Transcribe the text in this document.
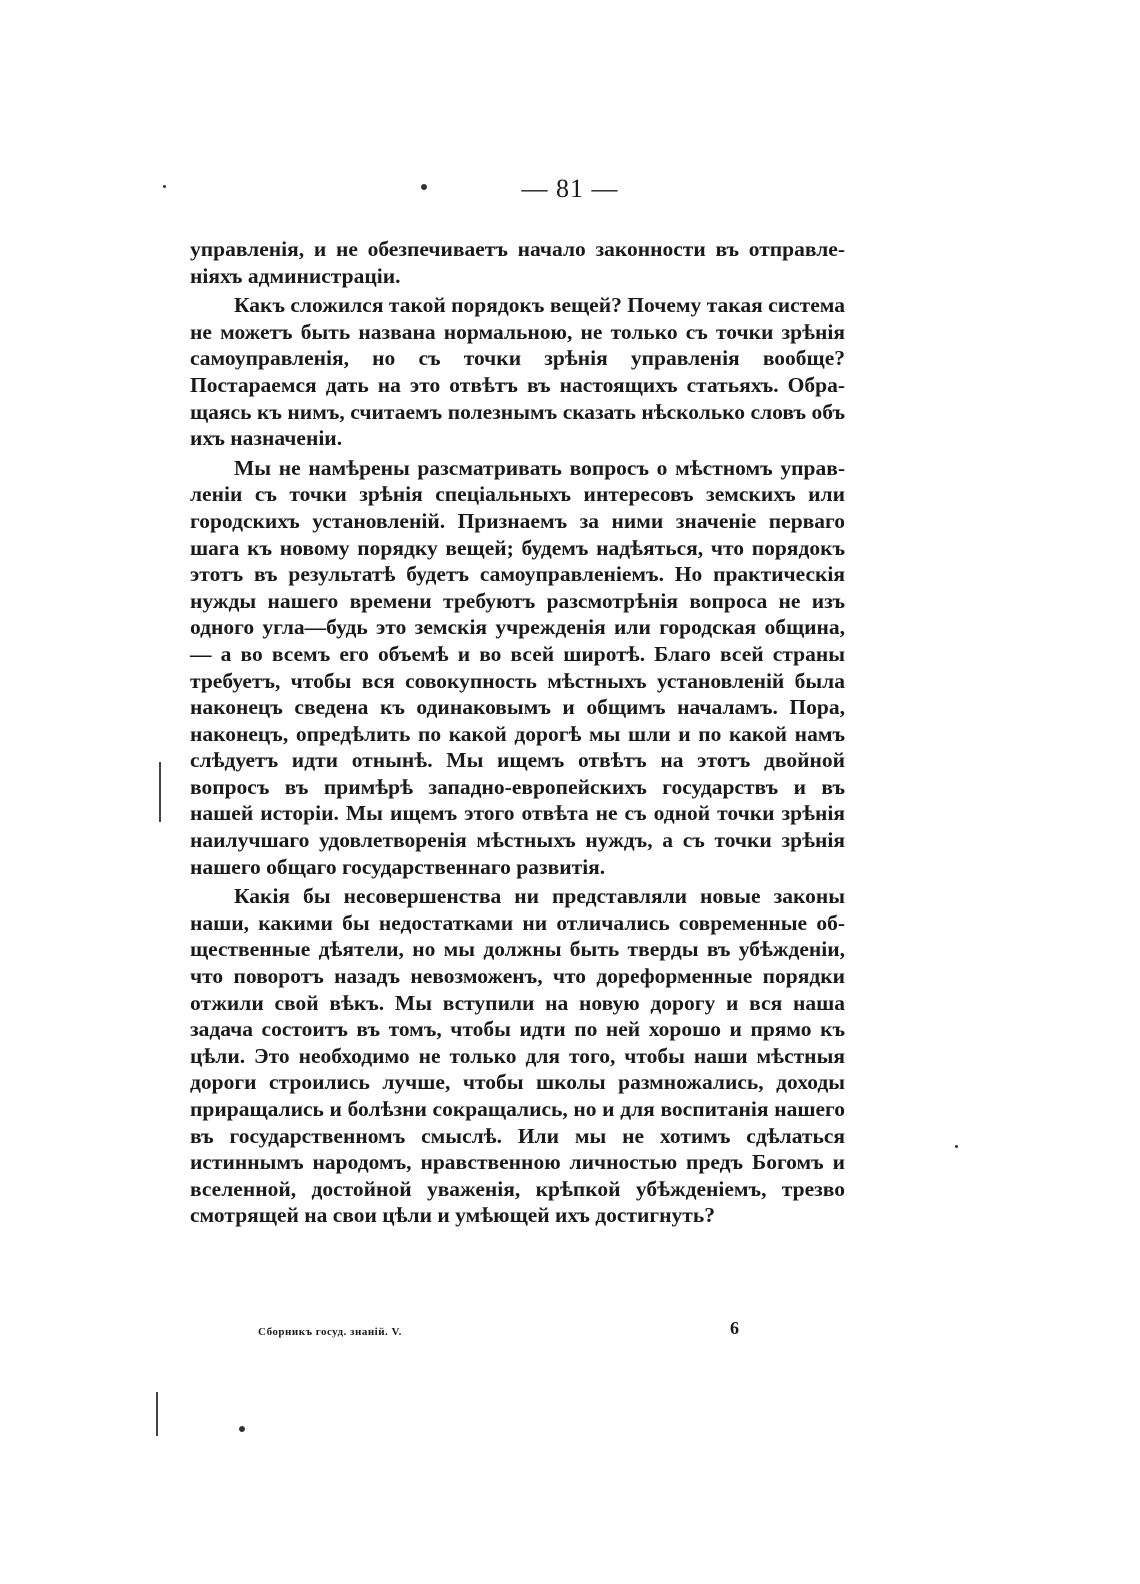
— 81 —

управленія, и не обезпечиваетъ начало законности въ отправленіяхъ администраціи.

Какъ сложился такой порядокъ вещей? Почему такая система не можетъ быть названа нормальною, не только съ точки зрѣнія самоуправленія, но съ точки зрѣнія управленія вообще? Постараемся дать на это отвѣтъ въ настоящихъ статьяхъ. Обращаясь къ нимъ, считаемъ полезнымъ сказать нѣсколько словъ объ ихъ назначеніи.

Мы не намѣрены разсматривать вопросъ о мѣстномъ управленіи съ точки зрѣнія спеціальныхъ интересовъ земскихъ или городскихъ установленій. Признаемъ за ними значеніе перваго шага къ новому порядку вещей; будемъ надѣяться, что порядокъ этотъ въ результатѣ будетъ самоуправленіемъ. Но практическія нужды нашего времени требуютъ разсмотрѣнія вопроса не изъ одного угла—будь это земскія учрежденія или городская община, — а во всемъ его объемѣ и во всей широтѣ. Благо всей страны требуетъ, чтобы вся совокупность мѣстныхъ установленій была наконецъ сведена къ одинаковымъ и общимъ началамъ. Пора, наконецъ, опредѣлить по какой дорогѣ мы шли и по какой намъ слѣдуетъ идти отнынѣ. Мы ищемъ отвѣтъ на этотъ двойной вопросъ въ примѣрѣ западно-европейскихъ государствъ и въ нашей исторіи. Мы ищемъ этого отвѣта не съ одной точки зрѣнія наилучшаго удовлетворенія мѣстныхъ нуждъ, а съ точки зрѣнія нашего общаго государственнаго развитія.

Какія бы несовершенства ни представляли новые законы наши, какими бы недостатками ни отличались современные общественные дѣятели, но мы должны быть тверды въ убѣжденіи, что поворотъ назадъ невозможенъ, что дореформенные порядки отжили свой вѣкъ. Мы вступили на новую дорогу и вся наша задача состоитъ въ томъ, чтобы идти по ней хорошо и прямо къ цѣли. Это необходимо не только для того, чтобы наши мѣстныя дороги строились лучше, чтобы школы размножались, доходы приращались и болѣзни сокращались, но и для воспитанія нашего въ государственномъ смыслѣ. Или мы не хотимъ сдѣлаться истиннымъ народомъ, нравственною личностью предъ Богомъ и вселенной, достойной уваженія, крѣпкой убѣжденіемъ, трезво смотрящей на свои цѣли и умѣющей ихъ достигнуть?

Сборникъ госуд. знаній. V.	6
